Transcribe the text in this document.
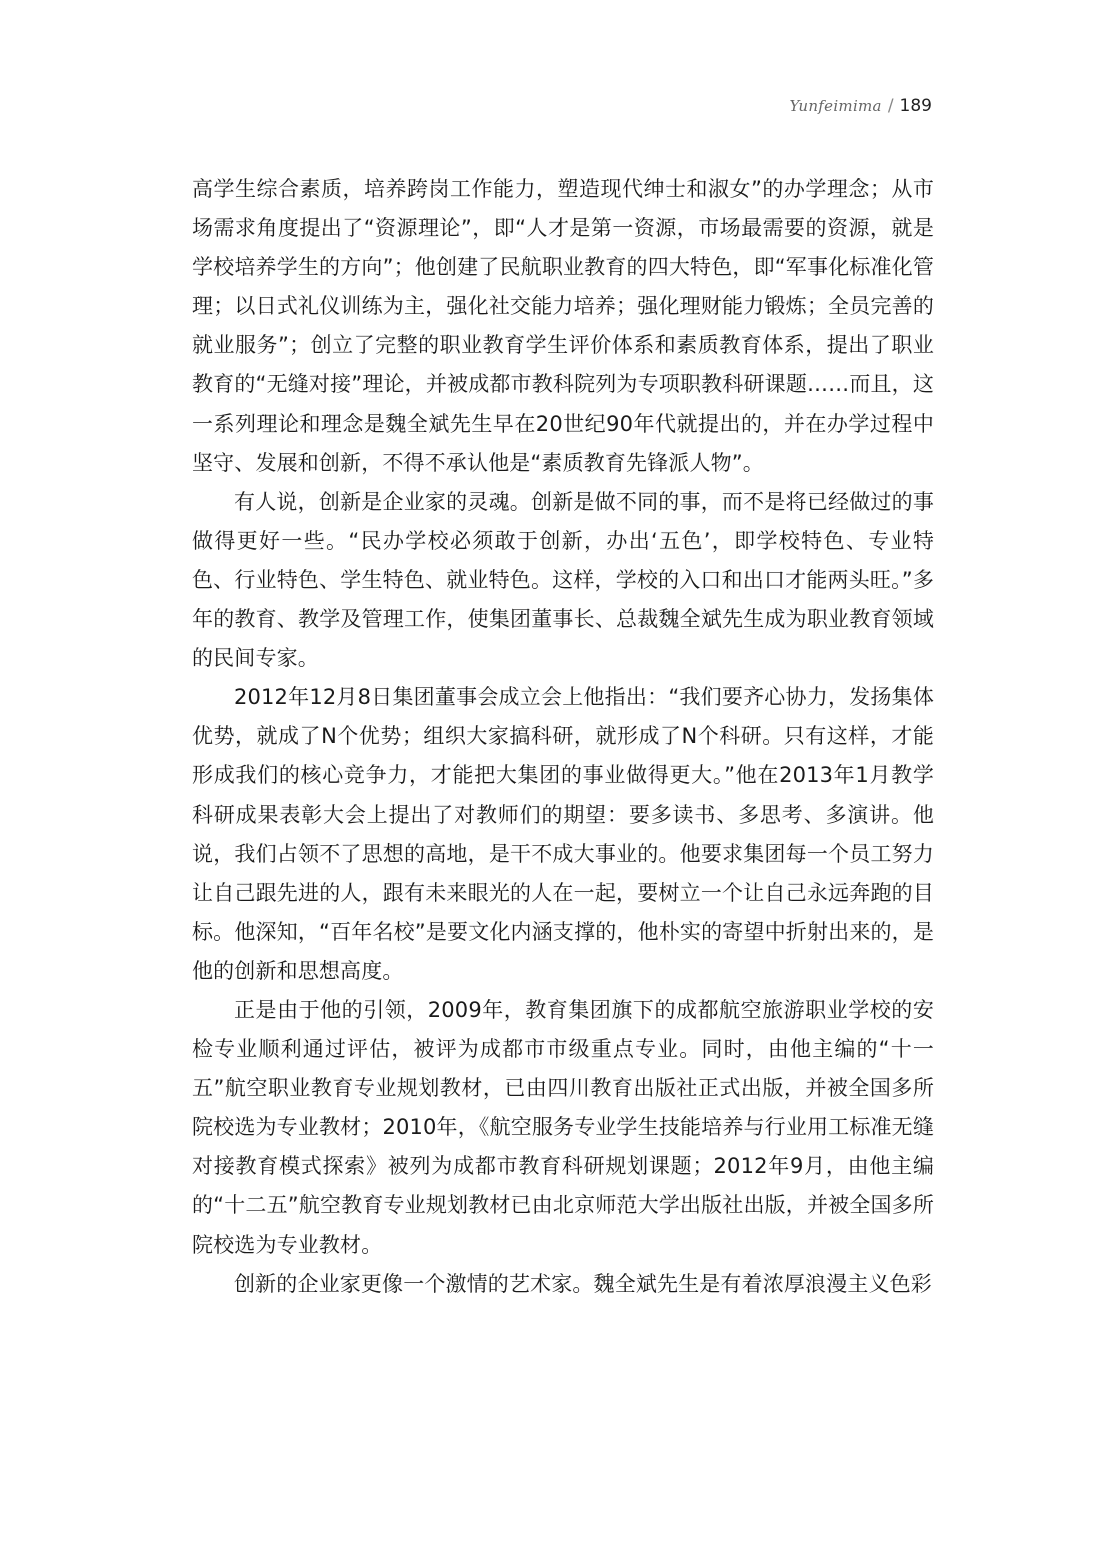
Yunfeimima / 189

高学生综合素质，培养跨岗工作能力，塑造现代绅士和淑女”的办学理念；从市场需求角度提出了“资源理论”，即“人才是第一资源，市场最需要的资源，就是学校培养学生的方向”；他创建了民航职业教育的四大特色，即“军事化标准化管理；以日式礼仪训练为主，强化社交能力培养；强化理财能力锻炼；全员完善的就业服务”；创立了完整的职业教育学生评价体系和素质教育体系，提出了职业教育的“无缝对接”理论，并被成都市教科院列为专项职教科研课题……而且，这一系列理论和理念是魏全斌先生早在20世纪90年代就提出的，并在办学过程中坚守、发展和创新，不得不承认他是“素质教育先锋派人物”。

有人说，创新是企业家的灵魂。创新是做不同的事，而不是将已经做过的事做得更好一些。“民办学校必须敢于创新，办出‘五色’，即学校特色、专业特色、行业特色、学生特色、就业特色。这样，学校的入口和出口才能两头旺。”多年的教育、教学及管理工作，使集团董事长、总裁魏全斌先生成为职业教育领域的民间专家。

2012年12月8日集团董事会成立会上他指出：“我们要齐心协力，发扬集体优势，就成了N个优势；组织大家搞科研，就形成了N个科研。只有这样，才能形成我们的核心竞争力，才能把大集团的事业做得更大。”他在2013年1月教学科研成果表彰大会上提出了对教师们的期望：要多读书、多思考、多演讲。他说，我们占领不了思想的高地，是干不成大事业的。他要求集团每一个员工努力让自己跟先进的人，跟有未来眼光的人在一起，要树立一个让自己永远奔跑的目标。他深知，“百年名校”是要文化内涵支撑的，他朴实的寄望中折射出来的，是他的创新和思想高度。

正是由于他的引领，2009年，教育集团旗下的成都航空旅游职业学校的安检专业顺利通过评估，被评为成都市市级重点专业。同时，由他主编的“十一五”航空职业教育专业规划教材，已由四川教育出版社正式出版，并被全国多所院校选为专业教材；2010年，《航空服务专业学生技能培养与行业用工标准无缝对接教育模式探索》被列为成都市教育科研规划课题；2012年9月，由他主编的“十二五”航空教育专业规划教材已由北京师范大学出版社出版，并被全国多所院校选为专业教材。

创新的企业家更像一个激情的艺术家。魏全斌先生是有着浓厚浪漫主义色彩
